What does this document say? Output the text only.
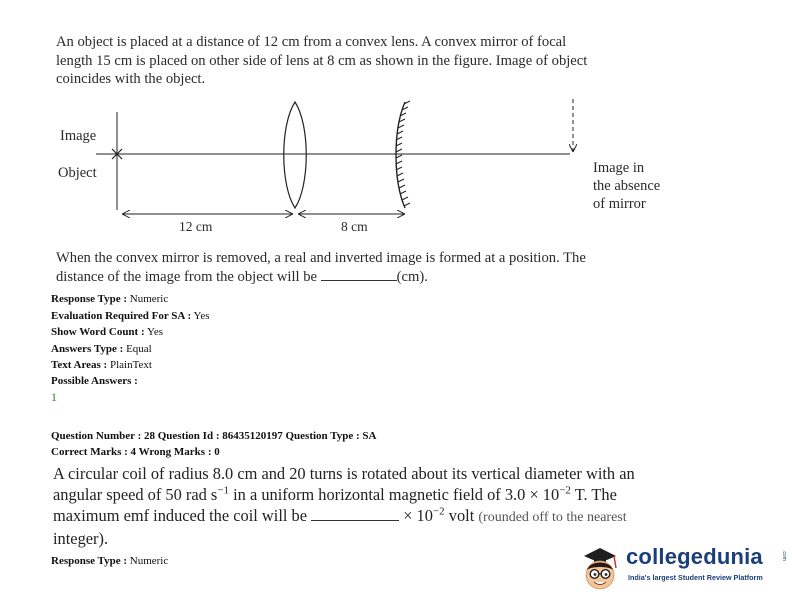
An object is placed at a distance of 12 cm from a convex lens. A convex mirror of focal
length 15 cm is placed on other side of lens at 8 cm as shown in the figure. Image of object
coincides with the object.
Image
Object	Image in
the absence
of mirror
12 cm	8 cm
When the convex mirror is removed, a real and inverted image is formed at a position. The
distance of the image from the object will be	(cm).
Response Type : Numeric
Evaluation Required For SA : Yes
Show Word Count : Yes
Answers Type : Equal
Text Areas : PlainText
Possible Answers :
1
Question Number : 28 Question Id : 86435120197 Question Type : SA
Correct Marks : 4 Wrong Marks : 0
A circular coil of radius 8.0 cm and 20 turns is rotated about its vertical diameter with an
angular speed of 50 rad $s^{-1}$ in a uniform horizontal magnetic field of $3.0 \times 10^{-2}$ T. The
maximum emf induced the coil will be	× $10^{-2}$ volt (rounded off to the nearest
integer).
Response Type : Numeric	collegedunia	.com
India's largest Student Review Platform
